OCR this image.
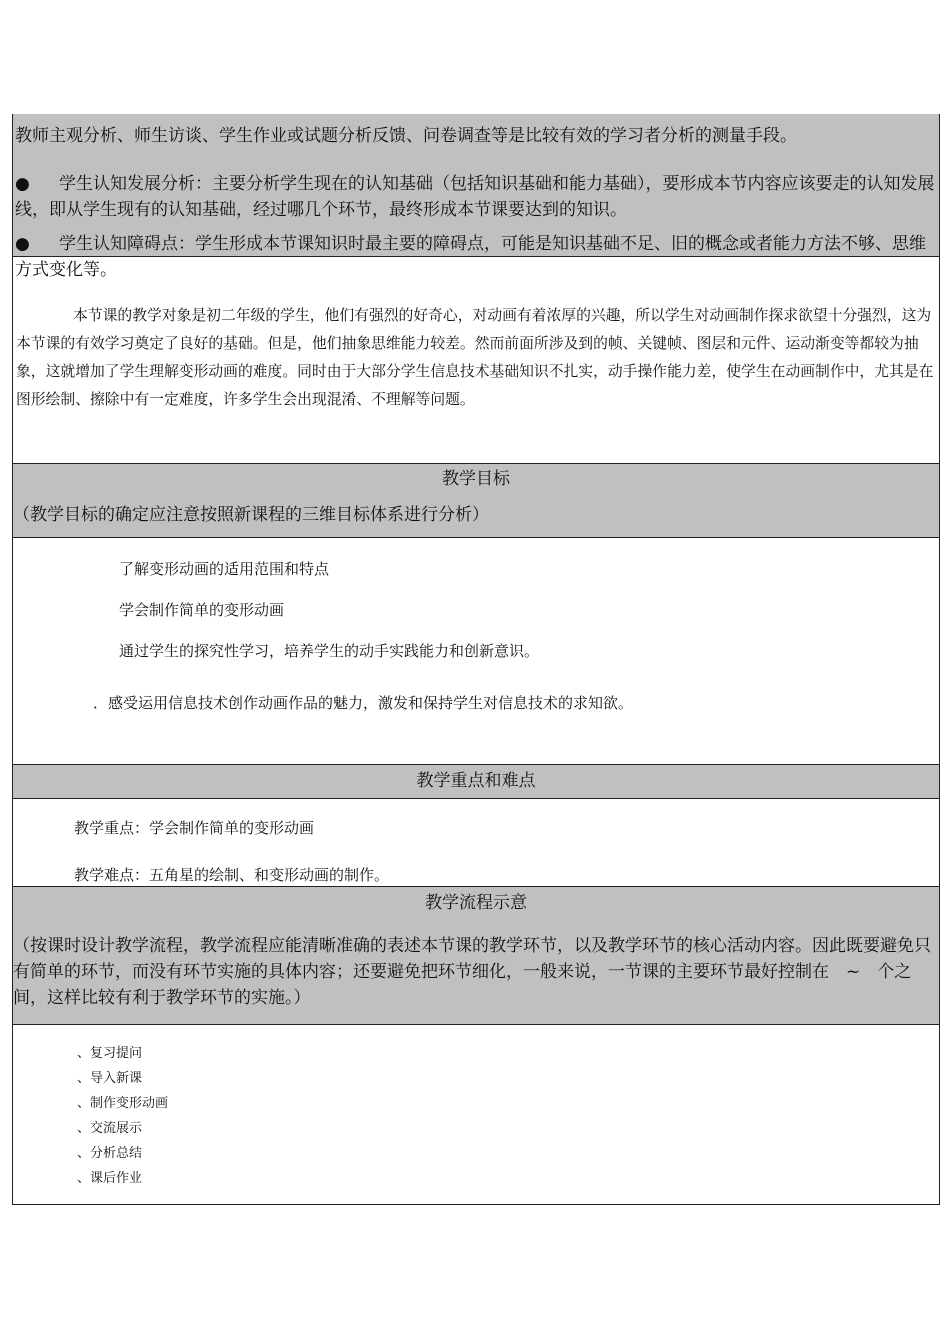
教师主观分析、师生访谈、学生作业或试题分析反馈、问卷调查等是比较有效的学习者分析的测量手段。
● 学生认知发展分析：主要分析学生现在的认知基础（包括知识基础和能力基础），要形成本节内容应该要走的认知发展线，即从学生现有的认知基础，经过哪几个环节，最终形成本节课要达到的知识。
● 学生认知障碍点：学生形成本节课知识时最主要的障碍点，可能是知识基础不足、旧的概念或者能力方法不够、思维方式变化等。
本节课的教学对象是初二年级的学生，他们有强烈的好奇心，对动画有着浓厚的兴趣，所以学生对动画制作探求欲望十分强烈，这为本节课的有效学习奠定了良好的基础。但是，他们抽象思维能力较差。然而前面所涉及到的帧、关键帧、图层和元件、运动渐变等都较为抽象，这就增加了学生理解变形动画的难度。同时由于大部分学生信息技术基础知识不扎实，动手操作能力差，使学生在动画制作中，尤其是在图形绘制、擦除中有一定难度，许多学生会出现混淆、不理解等问题。
教学目标
（教学目标的确定应注意按照新课程的三维目标体系进行分析）
了解变形动画的适用范围和特点
学会制作简单的变形动画
通过学生的探究性学习，培养学生的动手实践能力和创新意识。
．感受运用信息技术创作动画作品的魅力，激发和保持学生对信息技术的求知欲。
教学重点和难点
教学重点：学会制作简单的变形动画
教学难点：五角星的绘制、和变形动画的制作。
教学流程示意
（按课时设计教学流程，教学流程应能清晰准确的表述本节课的教学环节，以及教学环节的核心活动内容。因此既要避免只有简单的环节，而没有环节实施的具体内容；还要避免把环节细化，一般来说，一节课的主要环节最好控制在　~　个之间，这样比较有利于教学环节的实施。）
、复习提问
、导入新课
、制作变形动画
、交流展示
、分析总结
、课后作业
